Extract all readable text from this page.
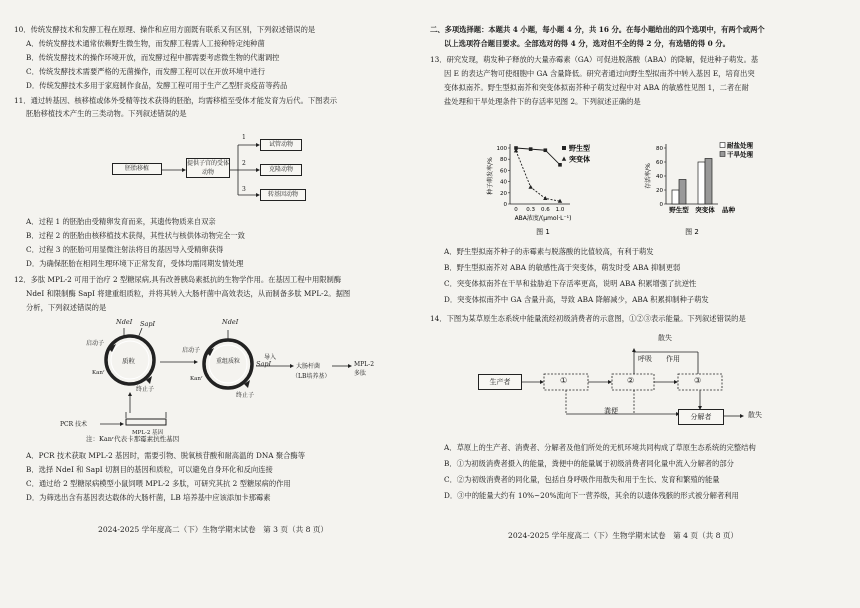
10．传统发酵技术和发酵工程在原理、操作和应用方面既有联系又有区别，下列叙述错误的是
A．传统发酵技术通常依赖野生微生物，而发酵工程需人工接种特定纯种菌
B．传统发酵技术的操作环境开放，而发酵过程中都需要考虑微生物的代谢调控
C．传统发酵技术需要严格的无菌操作，而发酵工程可以在开放环境中进行
D．传统发酵技术多用于家庭制作食品，发酵工程可用于生产乙型肝炎疫苗等药品
11．通过转基因、核移植或体外受精等技术获得的胚胎，均需移植至受体才能发育为后代。下图表示
胚胎移植技术产生的三类动物。下列叙述错误的是
胚胎移植
提供子宫的受体动物
1
2
3
试管动物
克隆动物
转基因动物
A．过程 1 的胚胎由受精卵发育而来，其遗传物质来自双亲
B．过程 2 的胚胎由核移植技术获得，其性状与核供体动物完全一致
C．过程 3 的胚胎可用显微注射法将目的基因导入受精卵获得
D．为确保胚胎在相同生理环境下正常发育，受体均需同期发情处理
12．多肽 MPL-2 可用于治疗 2 型糖尿病,具有改善胰岛素抵抗的生物学作用。在基因工程中用限制酶
NdeⅠ 和限制酶 SapⅠ 将建重组质粒，并将其转入大肠杆菌中高效表达，从而制备多肽 MPL-2。据图
分析，下列叙述错误的是
NdeⅠ SapⅠ
启动子
质粒
Kanʳ
终止子
PCR 技术
MPL-2 基因
NdeⅠ
重组质粒
启动子
Kanʳ
终止子
SapⅠ
导入
大肠杆菌
（LB培养基）
MPL-2 多肽
注：Kanʳ代表卡那霉素抗性基因
A．PCR 技术获取 MPL-2 基因时，需要引物、脱氧核苷酸和耐高温的 DNA 聚合酶等
B．选择 NdeⅠ 和 SapⅠ 切割目的基因和质粒，可以避免自身环化和反向连接
C．通过给 2 型糖尿病模型小鼠饲喂 MPL-2 多肽，可研究其抗 2 型糖尿病的作用
D．为筛选出含有基因表达载体的大肠杆菌，LB 培养基中应该添加卡那霉素
2024-2025 学年度高二（下）生物学期末试卷　第 3 页（共 8 页）
二、多项选择题：本题共 4 小题，每小题 4 分，共 16 分。在每小题给出的四个选项中，有两个或两个
以上选项符合题目要求。全部选对的得 4 分，选对但不全的得 2 分，有选错的得 0 分。
13．研究发现，萌发种子释放的大量赤霉素（GA）可促进脱落酸（ABA）的降解，促进种子萌发。基
因 E 的表达产物可使细胞中 GA 含量降低。研究者通过向野生型拟南芥中转入基因 E，培育出突
变体拟南芥。野生型拟南芥和突变体拟南芥种子萌发过程中对 ABA 的敏感性见图 1，二者在耐
盐处理和干旱处理条件下的存活率见图 2。下列叙述正确的是
0
20
40
60
80
100
0 0.3 0.6 1.0
种子萌发率/%
ABA浓度/(μmol·L⁻¹)
图 1
野生型
突变体
0
20
40
60
80
存活率/%
野生型 突变体 品种
图 2
耐盐处理
干旱处理
A．野生型拟南芥种子的赤霉素与脱落酸的比值较高，有利于萌发
B．野生型拟南芥对 ABA 的敏感性高于突变体，萌发时受 ABA 抑制更弱
C．突变体拟南芥在干旱和盐胁迫下存活率更高，说明 ABA 积累增强了抗逆性
D．突变体拟南芥中 GA 含量升高，导致 ABA 降解减少，ABA 积累抑制种子萌发
14．下图为某草原生态系统中能量流经初级消费者的示意图，①②③表示能量。下列叙述错误的是
生产者	①	②	③
散失
呼吸 作用
粪便
分解者	散失
A．草原上的生产者、消费者、分解者及他们所处的无机环境共同构成了草原生态系统的完整结构
B．①为初级消费者摄入的能量，粪便中的能量属于初级消费者同化量中流入分解者的部分
C．②为初级消费者的同化量，包括自身呼吸作用散失和用于生长、发育和繁殖的能量
D．③中的能量大约有 10%~20%流向下一营养级，其余的以遗体残骸的形式被分解者利用
2024-2025 学年度高二（下）生物学期末试卷　第 4 页（共 8 页）
